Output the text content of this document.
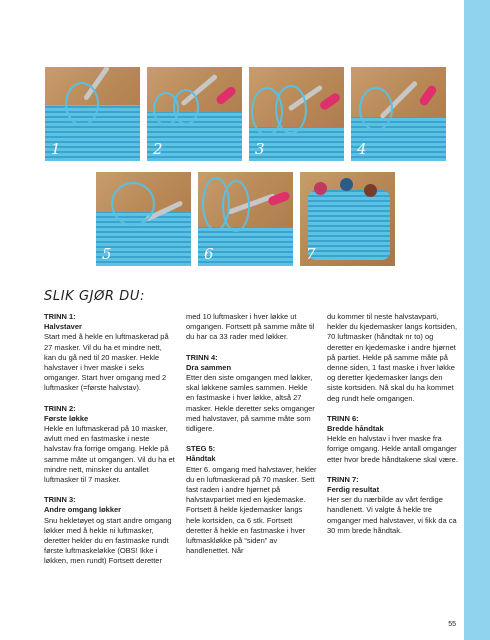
1	2	3	4
5	6	7
SLIK GJØR DU:
TRINN 1:
Halvstaver
Start med å hekle en luftmaskerad på 27 masker. Vil du ha et mindre nett, kan du gå ned til 20 masker. Hekle halvstaver i hver maske i seks omganger. Start hver omgang med 2 luftmasker (=første halvstav).
TRINN 2:
Første løkke
Hekle en luftmaskerad på 10 masker, avlutt med en fastmaske i neste halvstav fra forrige omgang. Hekle på samme måte ut omgangen. Vil du ha et mindre nett, minsker du antallet luftmasker til 7 masker.
TRINN 3:
Andre omgang løkker
Snu hekletøyet og start andre omgang løkker med å hekle ni luftmasker, deretter hekler du en fastmaske rundt første luftmaskeløkke (OBS! Ikke i løkken, men rundt) Fortsett deretter
med 10 luftmasker i hver løkke ut omgangen. Fortsett på samme måte til du har ca 33 rader med løkker.
TRINN 4:
Dra sammen
Etter den siste omgangen med løkker, skal løkkene samles sammen. Hekle en fastmaske i hver løkke, altså 27 masker. Hekle deretter seks omganger med halvstaver, på samme måte som tidligere.
STEG 5:
Håndtak
Etter 6. omgang med halvstaver, hekler du en luftmaskerad på 70 masker. Sett fast raden i andre hjørnet på halvstavpartiet med en kjedemaske. Fortsett å hekle kjedemasker langs hele kortsiden, ca 6 stk. Fortsett deretter å hekle en fastmaske i hver luftmaskløkke på “siden” av handlenettet. Når
du kommer til neste halvstavparti, hekler du kjedemasker langs kortsiden, 70 luftmasker (håndtak nr to) og deretter en kjedemaske i andre hjørnet på partiet. Hekle på samme måte på denne siden, 1 fast maske i hver løkke og deretter kjedemasker langs den siste kortsiden. Nå skal du ha kommet deg rundt hele omgangen.
TRINN 6:
Bredde håndtak
Hekle en halvstav i hver maske fra forrige omgang. Hekle antall omganger etter hvor brede håndtakene skal være.
TRINN 7:
Ferdig resultat
Her ser du nærbilde av vårt ferdige handlenett. Vi valgte å hekle tre omganger med halvstaver, vi fikk da ca 30 mm brede håndtak.
55
